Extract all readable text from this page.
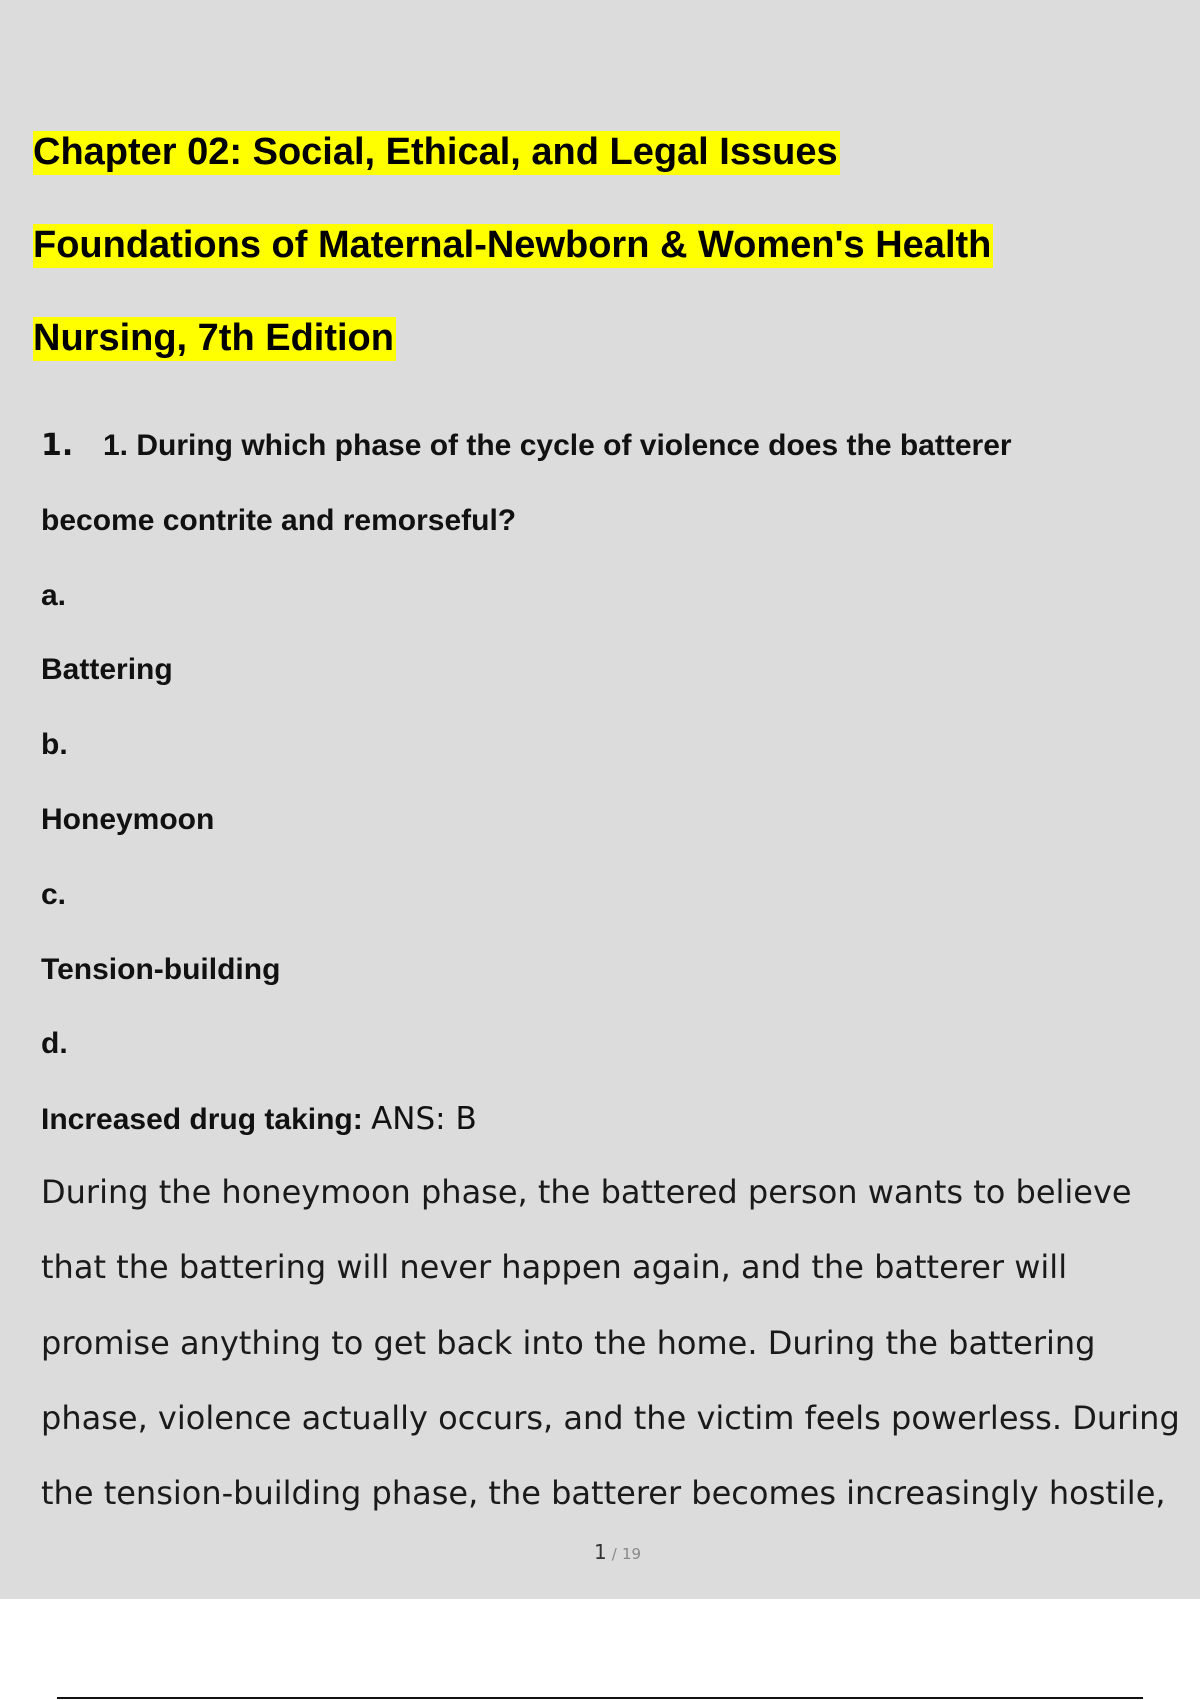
Chapter 02: Social, Ethical, and Legal Issues

Foundations of Maternal-Newborn & Women's Health

Nursing, 7th Edition

1. 1. During which phase of the cycle of violence does the batterer

become contrite and remorseful?

a.

Battering

b.

Honeymoon

c.

Tension-building

d.

Increased drug taking: ANS: B

During the honeymoon phase, the battered person wants to believe

that the battering will never happen again, and the batterer will

promise anything to get back into the home. During the battering

phase, violence actually occurs, and the victim feels powerless. During

the tension-building phase, the batterer becomes increasingly hostile,

1 / 19
